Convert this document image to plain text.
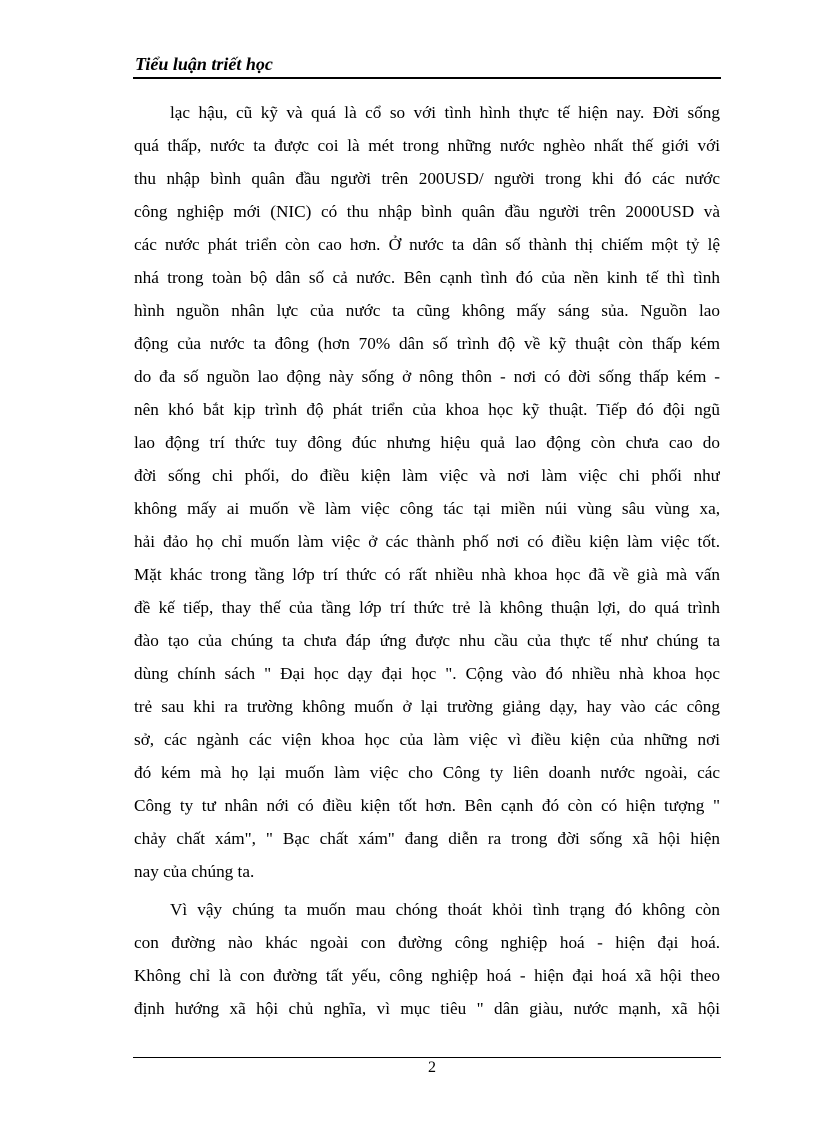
Tiểu luận triết học
lạc hậu, cũ kỹ và quá là cổ so với tình hình thực tế hiện nay. Đời sống
quá thấp, nước ta được coi là mét trong những nước nghèo nhất thế giới với
thu nhập bình quân đầu người trên 200USD/ người trong khi đó các nước
công nghiệp mới (NIC) có thu nhập bình quân đầu người trên 2000USD và
các nước phát triển còn cao hơn. Ở nước ta dân số thành thị chiếm một tỷ lệ
nhá trong toàn bộ dân số cả nước. Bên cạnh tình đó của nền kinh tế thì tình
hình nguồn nhân lực của nước ta cũng không mấy sáng sủa. Nguồn lao
động của nước ta đông (hơn 70% dân số trình độ về kỹ thuật còn thấp kém
do đa số nguồn lao động này sống ở nông thôn - nơi có đời sống thấp kém -
nên khó bắt kịp trình độ phát triển của khoa học kỹ thuật. Tiếp đó đội ngũ
lao động trí thức tuy đông đúc nhưng hiệu quả lao động còn chưa cao do
đời sống chi phối, do điều kiện làm việc và nơi làm việc chi phối như
không mấy ai muốn về làm việc công tác tại miền núi vùng sâu vùng xa,
hải đảo họ chỉ muốn làm việc ở các thành phố nơi có điều kiện làm việc tốt.
Mặt khác trong tầng lớp trí thức có rất nhiều nhà khoa học đã về già mà vấn
đề kế tiếp, thay thế của tầng lớp trí thức trẻ là không thuận lợi, do quá trình
đào tạo của chúng ta chưa đáp ứng được nhu cầu của thực tế như chúng ta
dùng chính sách " Đại học dạy đại học ". Cộng vào đó nhiều nhà khoa học
trẻ sau khi ra trường không muốn ở lại trường giảng dạy, hay vào các công
sở, các ngành các viện khoa học của làm việc vì điều kiện của những nơi
đó kém mà họ lại muốn làm việc cho Công ty liên doanh nước ngoài, các
Công ty tư nhân nới có điều kiện tốt hơn. Bên cạnh đó còn có hiện tượng "
chảy chất xám", " Bạc chất xám" đang diễn ra trong đời sống xã hội hiện
nay của chúng ta.
Vì vậy chúng ta muốn mau chóng thoát khỏi tình trạng đó không còn
con đường nào khác ngoài con đường công nghiệp hoá - hiện đại hoá.
Không chỉ là con đường tất yếu, công nghiệp hoá - hiện đại hoá xã hội theo
định hướng xã hội chủ nghĩa, vì mục tiêu " dân giàu, nước mạnh, xã hội
2
